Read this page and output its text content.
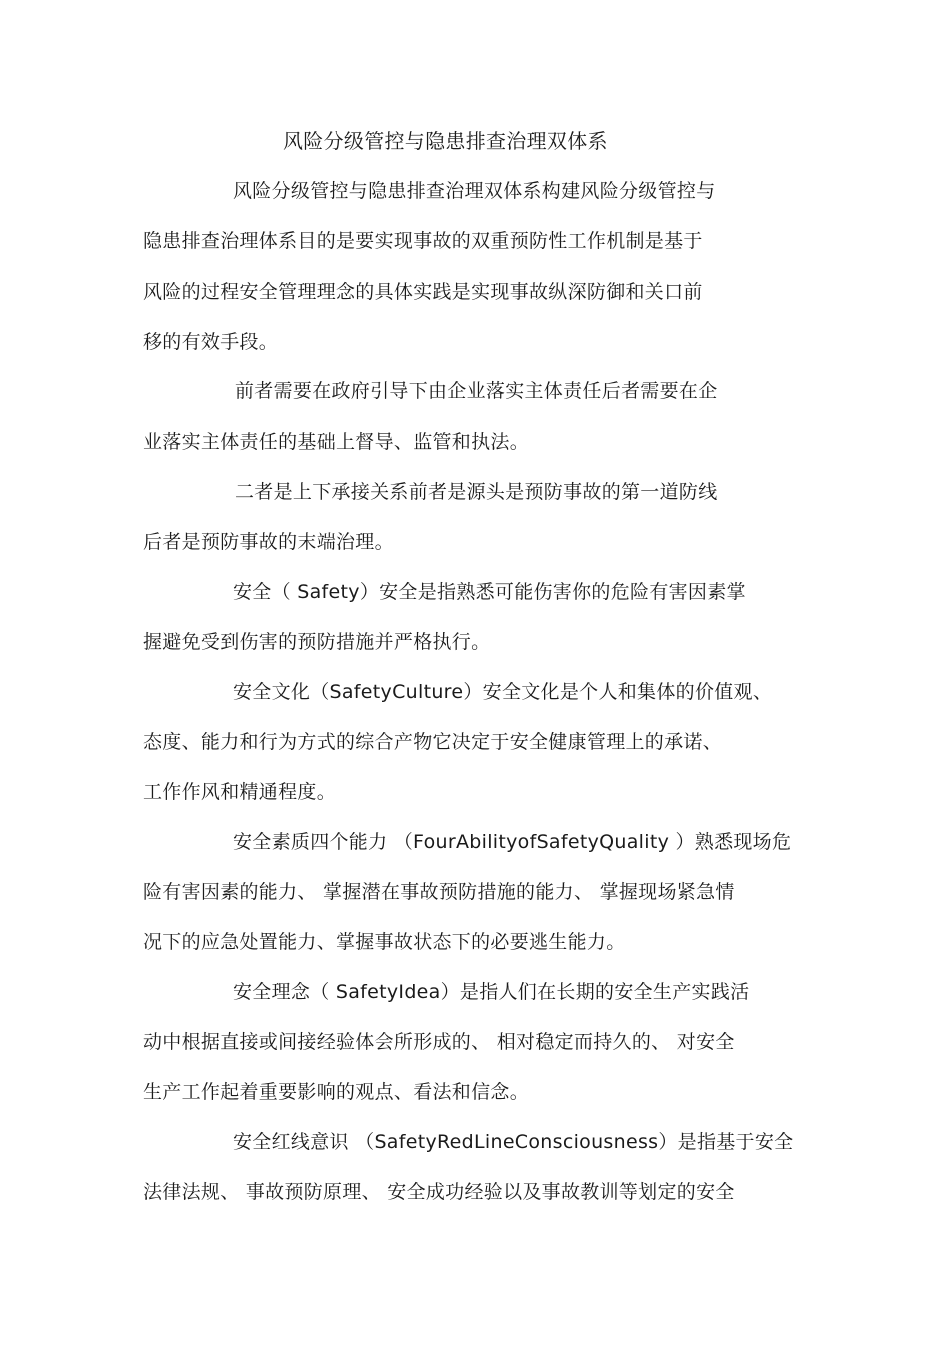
风险分级管控与隐患排查治理双体系
风险分级管控与隐患排查治理双体系构建风险分级管控与
隐患排查治理体系目的是要实现事故的双重预防性工作机制是基于
风险的过程安全管理理念的具体实践是实现事故纵深防御和关口前
移的有效手段。
前者需要在政府引导下由企业落实主体责任后者需要在企
业落实主体责任的基础上督导、监管和执法。
二者是上下承接关系前者是源头是预防事故的第一道防线
后者是预防事故的末端治理。
安全（ Safety）安全是指熟悉可能伤害你的危险有害因素掌
握避免受到伤害的预防措施并严格执行。
安全文化（SafetyCulture）安全文化是个人和集体的价值观、
态度、能力和行为方式的综合产物它决定于安全健康管理上的承诺、
工作作风和精通程度。
安全素质四个能力 （FourAbilityofSafetyQuality ）熟悉现场危
险有害因素的能力、 掌握潜在事故预防措施的能力、 掌握现场紧急情
况下的应急处置能力、掌握事故状态下的必要逃生能力。
安全理念（ SafetyIdea）是指人们在长期的安全生产实践活
动中根据直接或间接经验体会所形成的、 相对稳定而持久的、 对安全
生产工作起着重要影响的观点、看法和信念。
安全红线意识 （SafetyRedLineConsciousness）是指基于安全
法律法规、 事故预防原理、 安全成功经验以及事故教训等划定的安全
